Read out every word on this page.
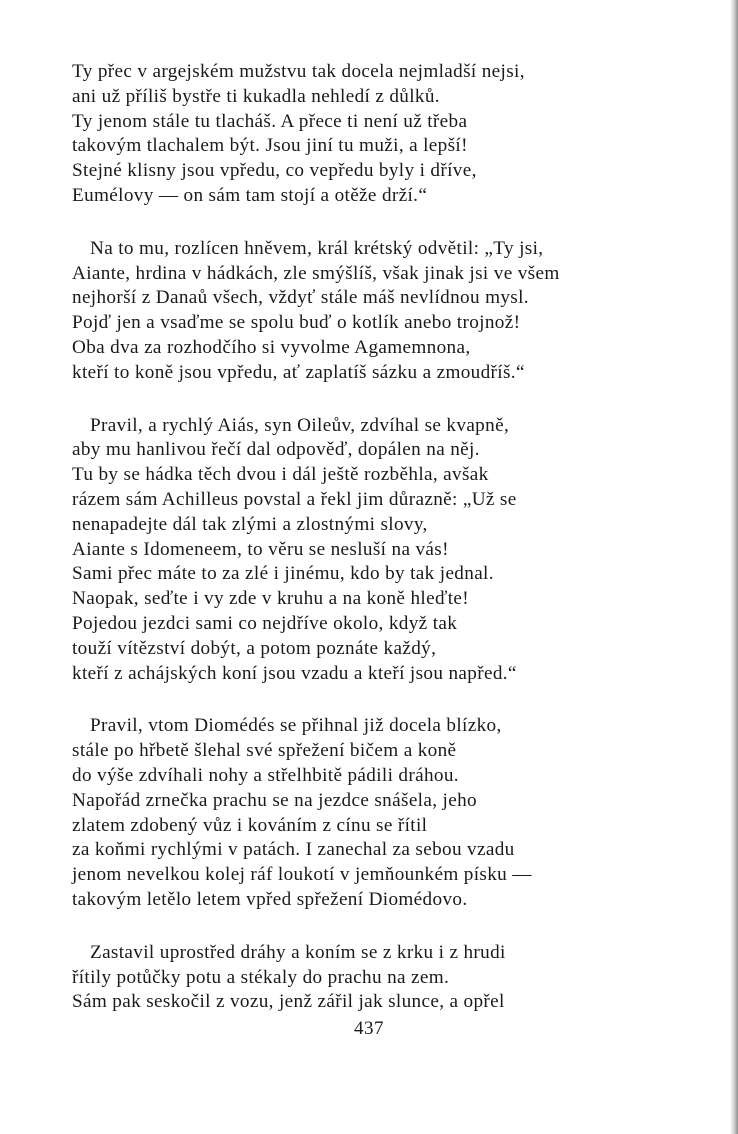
Ty přec v argejském mužstvu tak docela nejmladší nejsi,
ani už příliš bystře ti kukadla nehledí z důlků.
Ty jenom stále tu tlacháš. A přece ti není už třeba
takovým tlachalem být. Jsou jiní tu muži, a lepší!
Stejné klisny jsou vpředu, co vepředu byly i dříve,
Eumélovy — on sám tam stojí a otěže drží.“
Na to mu, rozlícen hněvem, král krétský odvětil: „Ty jsi,
Aiante, hrdina v hádkách, zle smýšlíš, však jinak jsi ve všem
nejhorší z Danaů všech, vždyť stále máš nevlídnou mysl.
Pojď jen a vsaďme se spolu buď o kotlík anebo trojnož!
Oba dva za rozhodčího si vyvolme Agamemnona,
kteří to koně jsou vpředu, ať zaplatíš sázku a zmoudříš.“
Pravil, a rychlý Aiás, syn Oileův, zdvíhal se kvapně,
aby mu hanlivou řečí dal odpověď, dopálen na něj.
Tu by se hádka těch dvou i dál ještě rozběhla, avšak
rázem sám Achilleus povstal a řekl jim důrazně: „Už se
nenapadejte dál tak zlými a zlostnými slovy,
Aiante s Idomeneem, to věru se nesluší na vás!
Sami přec máte to za zlé i jinému, kdo by tak jednal.
Naopak, seďte i vy zde v kruhu a na koně hleďte!
Pojedou jezdci sami co nejdříve okolo, když tak
touží vítězství dobýt, a potom poznáte každý,
kteří z achájských koní jsou vzadu a kteří jsou napřed.“
Pravil, vtom Diomédés se přihnal již docela blízko,
stále po hřbetě šlehal své spřežení bičem a koně
do výše zdvíhali nohy a střelhbitě pádili dráhou.
Napořád zrnečka prachu se na jezdce snášela, jeho
zlatem zdobený vůz i kováním z cínu se řítil
za koňmi rychlými v patách. I zanechal za sebou vzadu
jenom nevelkou kolej ráf loukotí v jemňounkém písku —
takovým letělo letem vpřed spřežení Diomédovo.
Zastavil uprostřed dráhy a koním se z krku i z hrudi
řítily potůčky potu a stékaly do prachu na zem.
Sám pak seskočil z vozu, jenž zářil jak slunce, a opřel
437
